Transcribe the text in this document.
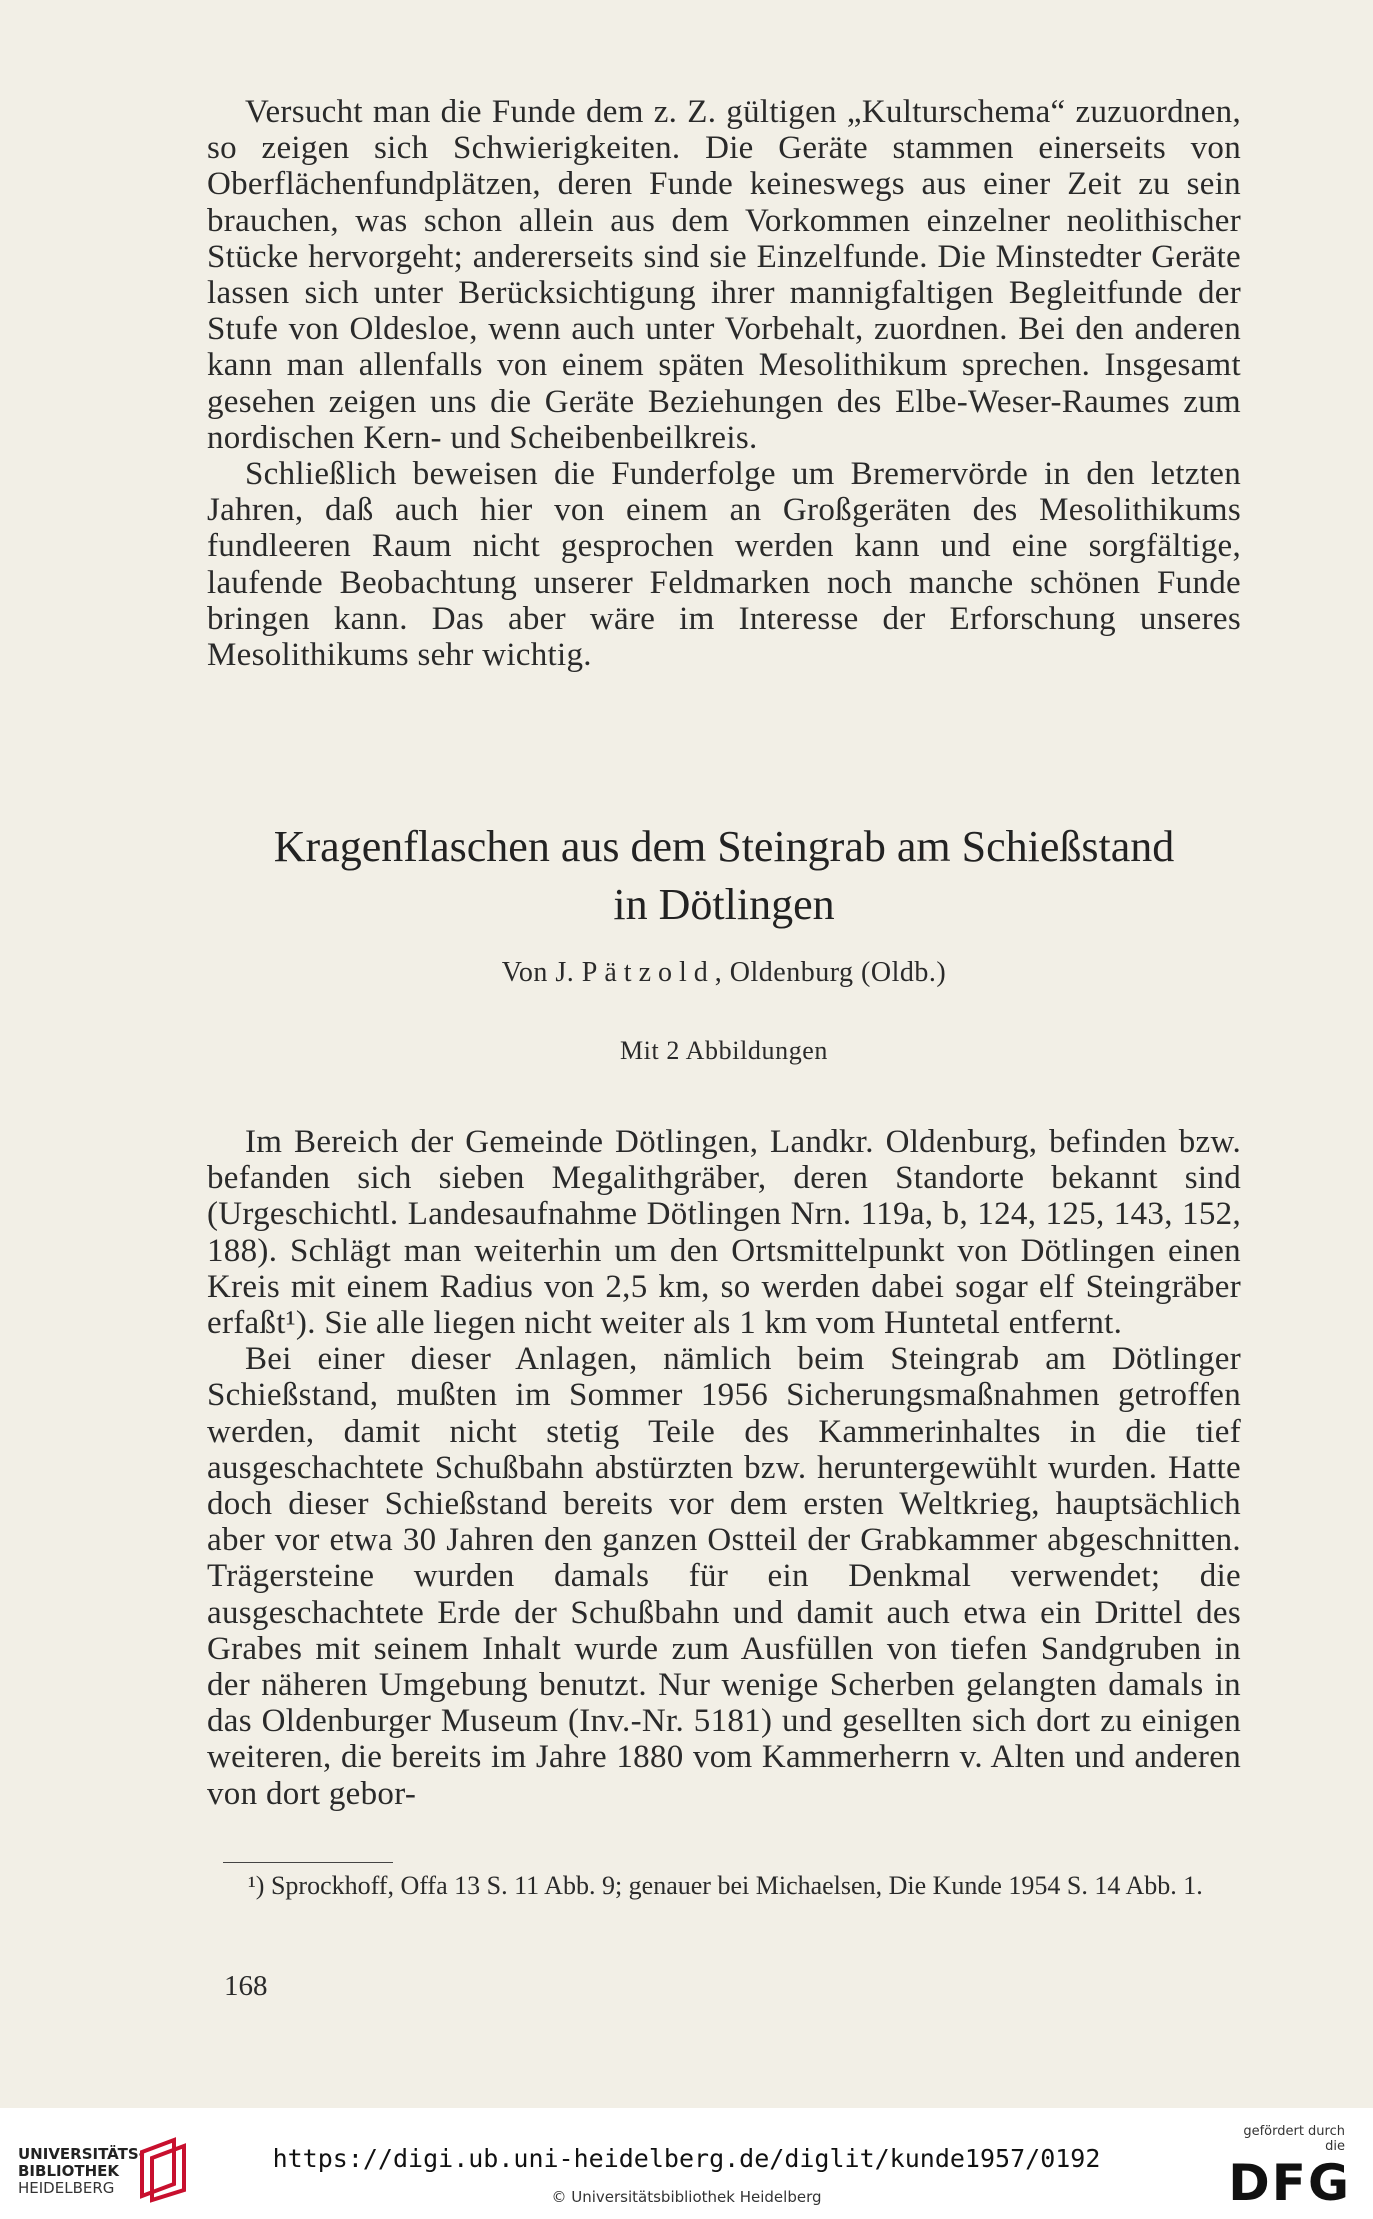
Versucht man die Funde dem z. Z. gültigen „Kulturschema“ zuzuordnen, so zeigen sich Schwierigkeiten. Die Geräte stammen einerseits von Oberflächenfundplätzen, deren Funde keineswegs aus einer Zeit zu sein brauchen, was schon allein aus dem Vorkommen einzelner neolithischer Stücke hervorgeht; andererseits sind sie Einzelfunde. Die Minstedter Geräte lassen sich unter Berücksichtigung ihrer mannigfaltigen Begleitfunde der Stufe von Oldesloe, wenn auch unter Vorbehalt, zuordnen. Bei den anderen kann man allenfalls von einem späten Mesolithikum sprechen. Insgesamt gesehen zeigen uns die Geräte Beziehungen des Elbe-Weser-Raumes zum nordischen Kern- und Scheibenbeilkreis.

Schließlich beweisen die Funderfolge um Bremervörde in den letzten Jahren, daß auch hier von einem an Großgeräten des Mesolithikums fundleeren Raum nicht gesprochen werden kann und eine sorgfältige, laufende Beobachtung unserer Feldmarken noch manche schönen Funde bringen kann. Das aber wäre im Interesse der Erforschung unseres Mesolithikums sehr wichtig.

Kragenflaschen aus dem Steingrab am Schießstand
in Dötlingen
Von J. Pätzold, Oldenburg (Oldb.)
Mit 2 Abbildungen

Im Bereich der Gemeinde Dötlingen, Landkr. Oldenburg, befinden bzw. befanden sich sieben Megalithgräber, deren Standorte bekannt sind (Urgeschichtl. Landesaufnahme Dötlingen Nrn. 119a, b, 124, 125, 143, 152, 188). Schlägt man weiterhin um den Ortsmittelpunkt von Dötlingen einen Kreis mit einem Radius von 2,5 km, so werden dabei sogar elf Steingräber erfaßt¹). Sie alle liegen nicht weiter als 1 km vom Huntetal entfernt.

Bei einer dieser Anlagen, nämlich beim Steingrab am Dötlinger Schießstand, mußten im Sommer 1956 Sicherungsmaßnahmen getroffen werden, damit nicht stetig Teile des Kammerinhaltes in die tief ausgeschachtete Schußbahn abstürzten bzw. heruntergewühlt wurden. Hatte doch dieser Schießstand bereits vor dem ersten Weltkrieg, hauptsächlich aber vor etwa 30 Jahren den ganzen Ostteil der Grabkammer abgeschnitten. Trägersteine wurden damals für ein Denkmal verwendet; die ausgeschachtete Erde der Schußbahn und damit auch etwa ein Drittel des Grabes mit seinem Inhalt wurde zum Ausfüllen von tiefen Sandgruben in der näheren Umgebung benutzt. Nur wenige Scherben gelangten damals in das Oldenburger Museum (Inv.-Nr. 5181) und gesellten sich dort zu einigen weiteren, die bereits im Jahre 1880 vom Kammerherrn v. Alten und anderen von dort gebor-

¹) Sprockhoff, Offa 13 S. 11 Abb. 9; genauer bei Michaelsen, Die Kunde 1954 S. 14 Abb. 1.

168
UNIVERSITÄTS-
BIBLIOTHEK
HEIDELBERG
https://digi.ub.uni-heidelberg.de/diglit/kunde1957/0192
© Universitätsbibliothek Heidelberg
gefördert durch die
DFG
